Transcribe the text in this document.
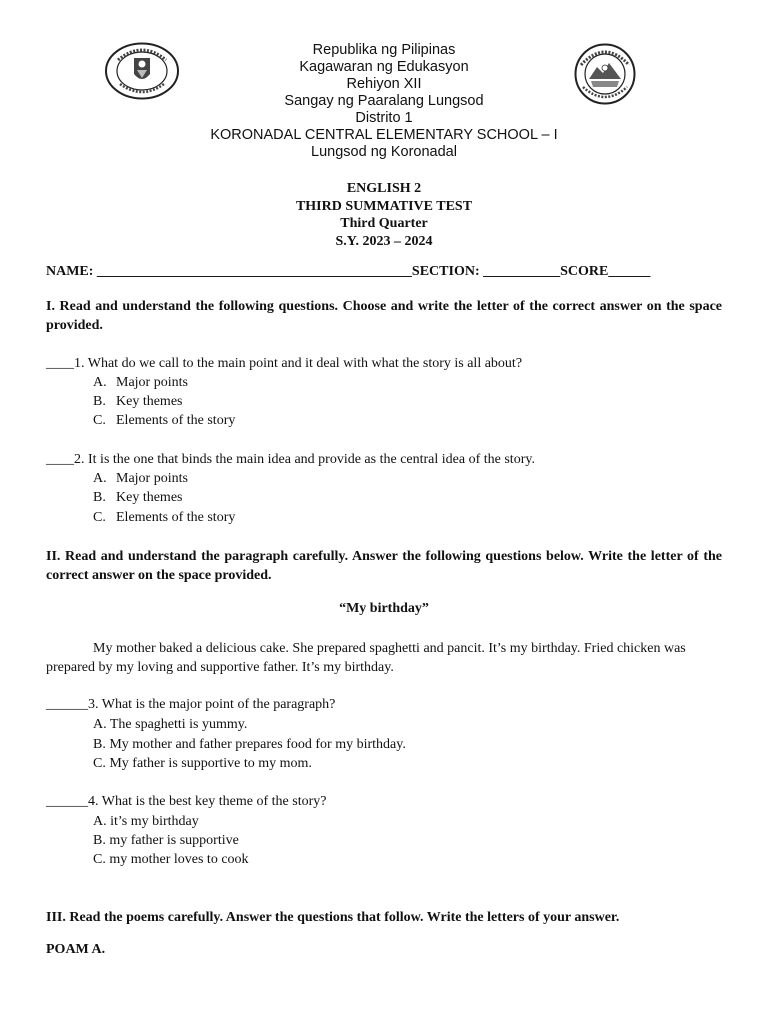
Republika ng Pilipinas
Kagawaran ng Edukasyon
Rehiyon XII
Sangay ng Paaralang Lungsod
Distrito 1
KORONADAL CENTRAL ELEMENTARY SCHOOL – I
Lungsod ng Koronadal
ENGLISH 2
THIRD SUMMATIVE TEST
Third Quarter
S.Y. 2023 – 2024
NAME: _____________________________________________SECTION: ___________SCORE______
I. Read and understand the following questions. Choose and write the letter of the correct answer on the space provided.
____1. What do we call to the main point and it deal with what the story is all about?
A. Major points
B. Key themes
C. Elements of the story
____2. It is the one that binds the main idea and provide as the central idea of the story.
A. Major points
B. Key themes
C. Elements of the story
II. Read and understand the paragraph carefully. Answer the following questions below. Write the letter of the correct answer on the space provided.
“My birthday”
My mother baked a delicious cake. She prepared spaghetti and pancit. It’s my birthday. Fried chicken was prepared by my loving and supportive father. It’s my birthday.
______3. What is the major point of the paragraph?
A. The spaghetti is yummy.
B. My mother and father prepares food for my birthday.
C. My father is supportive to my mom.
______4. What is the best key theme of the story?
A. it’s my birthday
B. my father is supportive
C. my mother loves to cook
III. Read the poems carefully. Answer the questions that follow. Write the letters of your answer.
POAM A.
